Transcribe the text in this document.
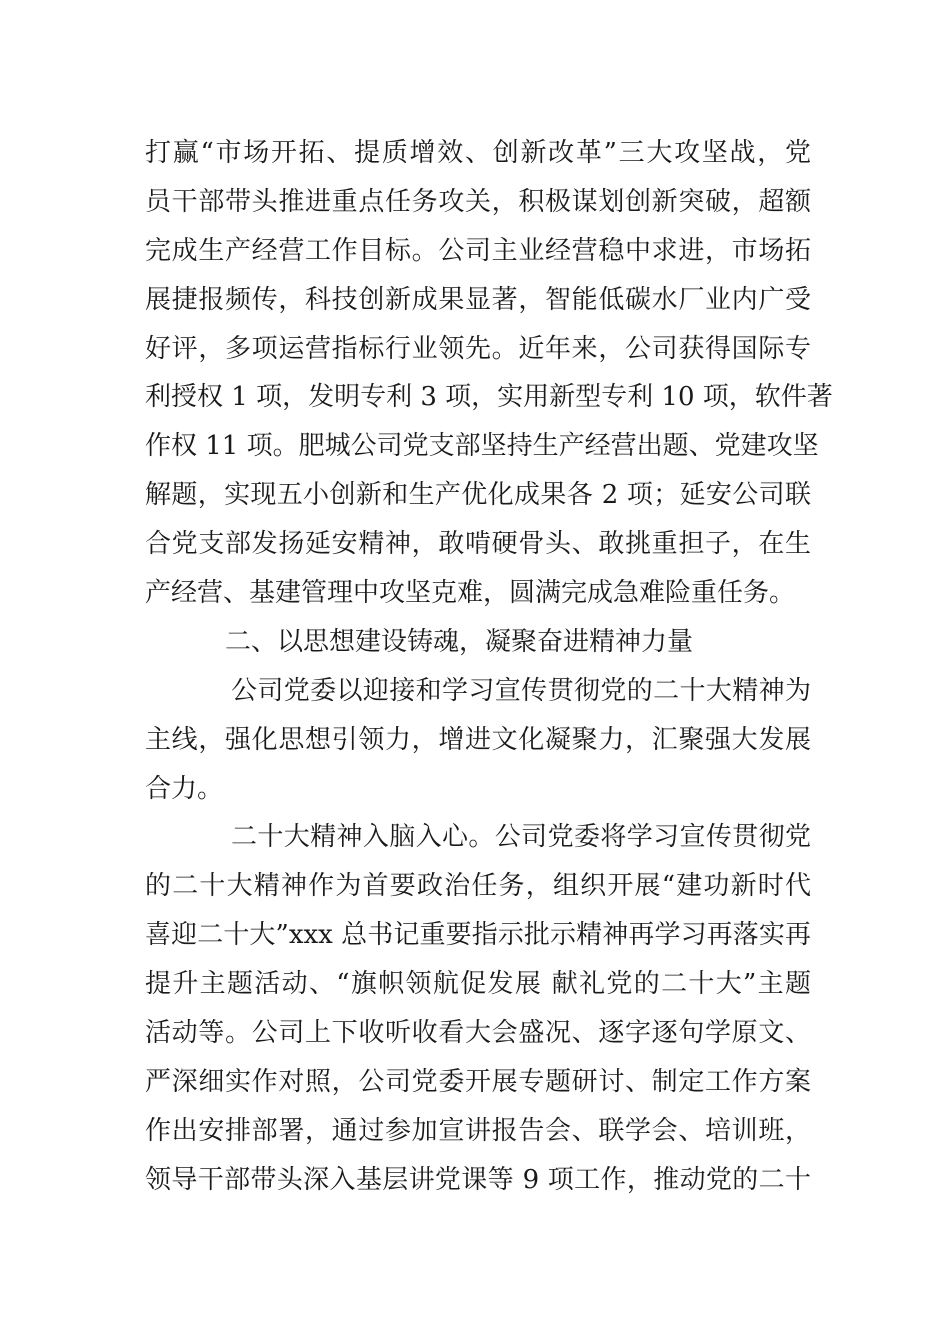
打赢“市场开拓、提质增效、创新改革”三大攻坚战，党
员干部带头推进重点任务攻关，积极谋划创新突破，超额
完成生产经营工作目标。公司主业经营稳中求进，市场拓
展捷报频传，科技创新成果显著，智能低碳水厂业内广受
好评，多项运营指标行业领先。近年来，公司获得国际专
利授权 1 项，发明专利 3 项，实用新型专利 10 项，软件著
作权 11 项。肥城公司党支部坚持生产经营出题、党建攻坚
解题，实现五小创新和生产优化成果各 2 项；延安公司联
合党支部发扬延安精神，敢啃硬骨头、敢挑重担子，在生
产经营、基建管理中攻坚克难，圆满完成急难险重任务。
二、以思想建设铸魂，凝聚奋进精神力量
公司党委以迎接和学习宣传贯彻党的二十大精神为
主线，强化思想引领力，增进文化凝聚力，汇聚强大发展
合力。
二十大精神入脑入心。公司党委将学习宣传贯彻党
的二十大精神作为首要政治任务，组织开展“建功新时代
喜迎二十大”xxx 总书记重要指示批示精神再学习再落实再
提升主题活动、“旗帜领航促发展 献礼党的二十大”主题
活动等。公司上下收听收看大会盛况、逐字逐句学原文、
严深细实作对照，公司党委开展专题研讨、制定工作方案
作出安排部署，通过参加宣讲报告会、联学会、培训班，
领导干部带头深入基层讲党课等 9 项工作，推动党的二十
